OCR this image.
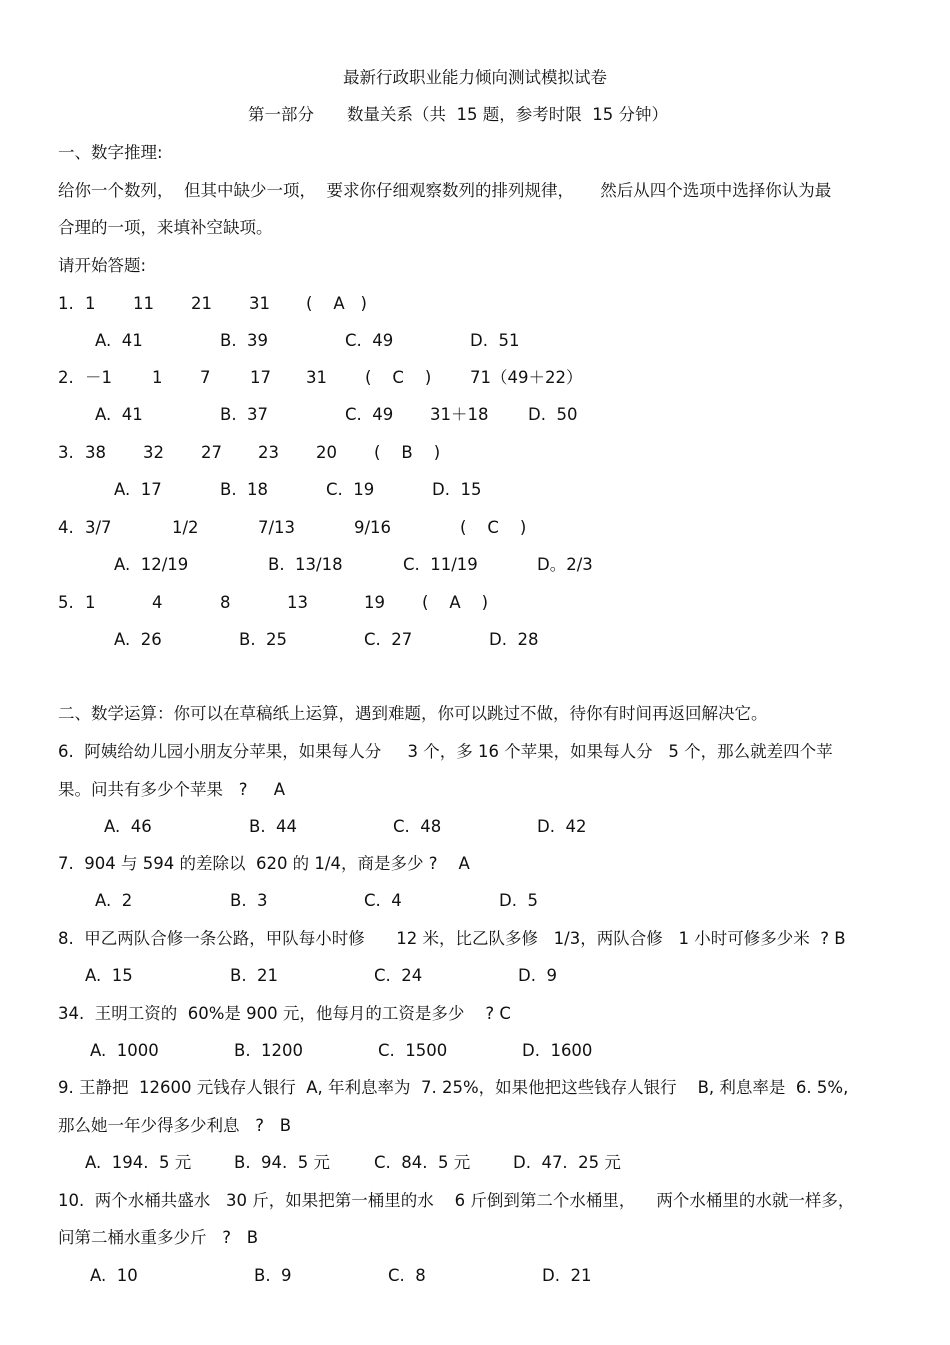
最新行政职业能力倾向测试模拟试卷
第一部分　　数量关系（共  15 题，参考时限  15 分钟）
一、数字推理:
给你一个数列，  但其中缺少一项，  要求你仔细观察数列的排列规律，     然后从四个选项中选择你认为最
合理的一项，来填补空缺项。
请开始答题:
1. 1 11 21 31 (    A   )
A.  41	B.  39	C.  49	D.  51
2. －1 1 7 17 31 (    C    ) 71（49＋22）
A.  41	B.  37	C.  49 31＋18 D.  50
3. 38 32 27 23 20 (    B    )
A.  17	B.  18	C.  19	D.  15
4. 3/7	1/2	7/13	9/16	(    C    )
A.  12/19	B.  13/18	C.  11/19	D。2/3
5. 1	4	8	13	19 (    A    )
A.  26	B.  25	C.  27	D.  28
二、数学运算：你可以在草稿纸上运算，遇到难题，你可以跳过不做，待你有时间再返回解决它。
6.  阿姨给幼儿园小朋友分苹果，如果每人分     3 个，多 16 个苹果，如果每人分   5 个，那么就差四个苹
果。问共有多少个苹果   ?     A
A.  46	B.  44	C.  48	D.  42
7.  904 与 594 的差除以  620 的 1/4，商是多少 ?    A
A.  2	B.  3	C.  4	D.  5
8.  甲乙两队合修一条公路，甲队每小时修      12 米，比乙队多修   1/3，两队合修   1 小时可修多少米  ? B
A.  15	B.  21	C.  24	D.  9
34.  王明工资的  60%是 900 元，他每月的工资是多少    ? C
A.  1000	B.  1200	C.  1500	D.  1600
9. 王静把  12600 元钱存人银行  A, 年利息率为  7. 25%，如果他把这些钱存人银行    B, 利息率是  6. 5%,
那么她一年少得多少利息   ?   B
A.  194.  5 元	B.  94.  5 元	C.  84.  5 元	D.  47.  25 元
10.  两个水桶共盛水   30 斤，如果把第一桶里的水    6 斤倒到第二个水桶里，    两个水桶里的水就一样多，
问第二桶水重多少斤   ?   B
A.  10	B.  9	C.  8	D.  21
